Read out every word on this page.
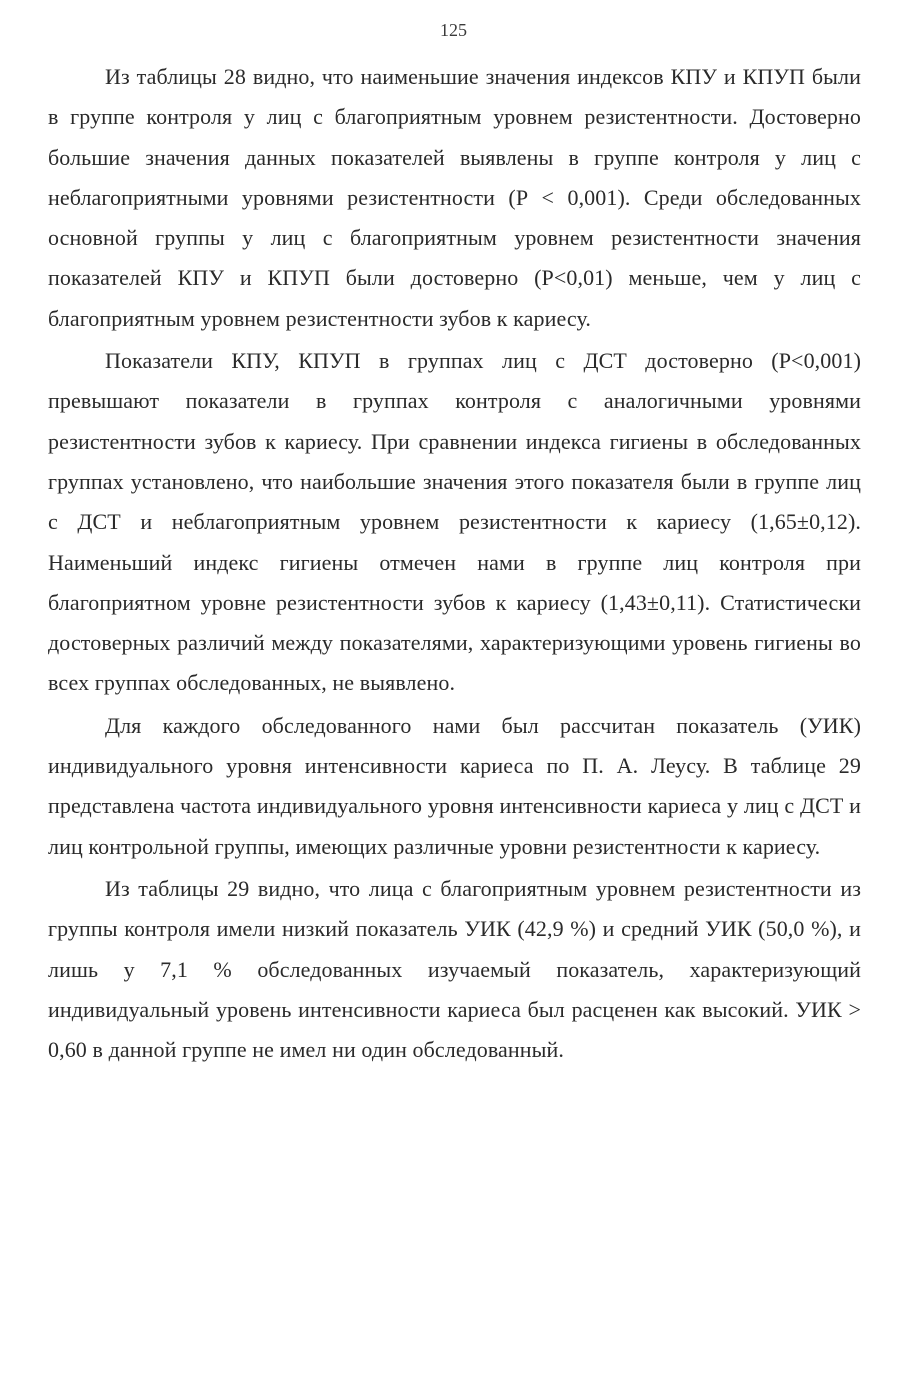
125

Из таблицы 28 видно, что наименьшие значения индексов КПУ и КПУП были в группе контроля у лиц с благоприятным уровнем резистентности. Достоверно большие значения данных показателей выявлены в группе контроля у лиц с неблагоприятными уровнями резистентности (Р < 0,001). Среди обследованных основной группы у лиц с благоприятным уровнем резистентности значения показателей КПУ и КПУП были достоверно (Р<0,01) меньше, чем у лиц с благоприятным уровнем резистентности зубов к кариесу.

Показатели КПУ, КПУП в группах лиц с ДСТ достоверно (Р<0,001) превышают показатели в группах контроля с аналогичными уровнями резистентности зубов к кариесу. При сравнении индекса гигиены в обследованных группах установлено, что наибольшие значения этого показателя были в группе лиц с ДСТ и неблагоприятным уровнем резистентности к кариесу (1,65±0,12). Наименьший индекс гигиены отмечен нами в группе лиц контроля при благоприятном уровне резистентности зубов к кариесу (1,43±0,11). Статистически достоверных различий между показателями, характеризующими уровень гигиены во всех группах обследованных, не выявлено.

Для каждого обследованного нами был рассчитан показатель (УИК) индивидуального уровня интенсивности кариеса по П. А. Леусу. В таблице 29 представлена частота индивидуального уровня интенсивности кариеса у лиц с ДСТ и лиц контрольной группы, имеющих различные уровни резистентности к кариесу.

Из таблицы 29 видно, что лица с благоприятным уровнем резистентности из группы контроля имели низкий показатель УИК (42,9 %) и средний УИК (50,0 %), и лишь у 7,1 % обследованных изучаемый показатель, характеризующий индивидуальный уровень интенсивности кариеса был расценен как высокий. УИК > 0,60 в данной группе не имел ни один обследованный.
